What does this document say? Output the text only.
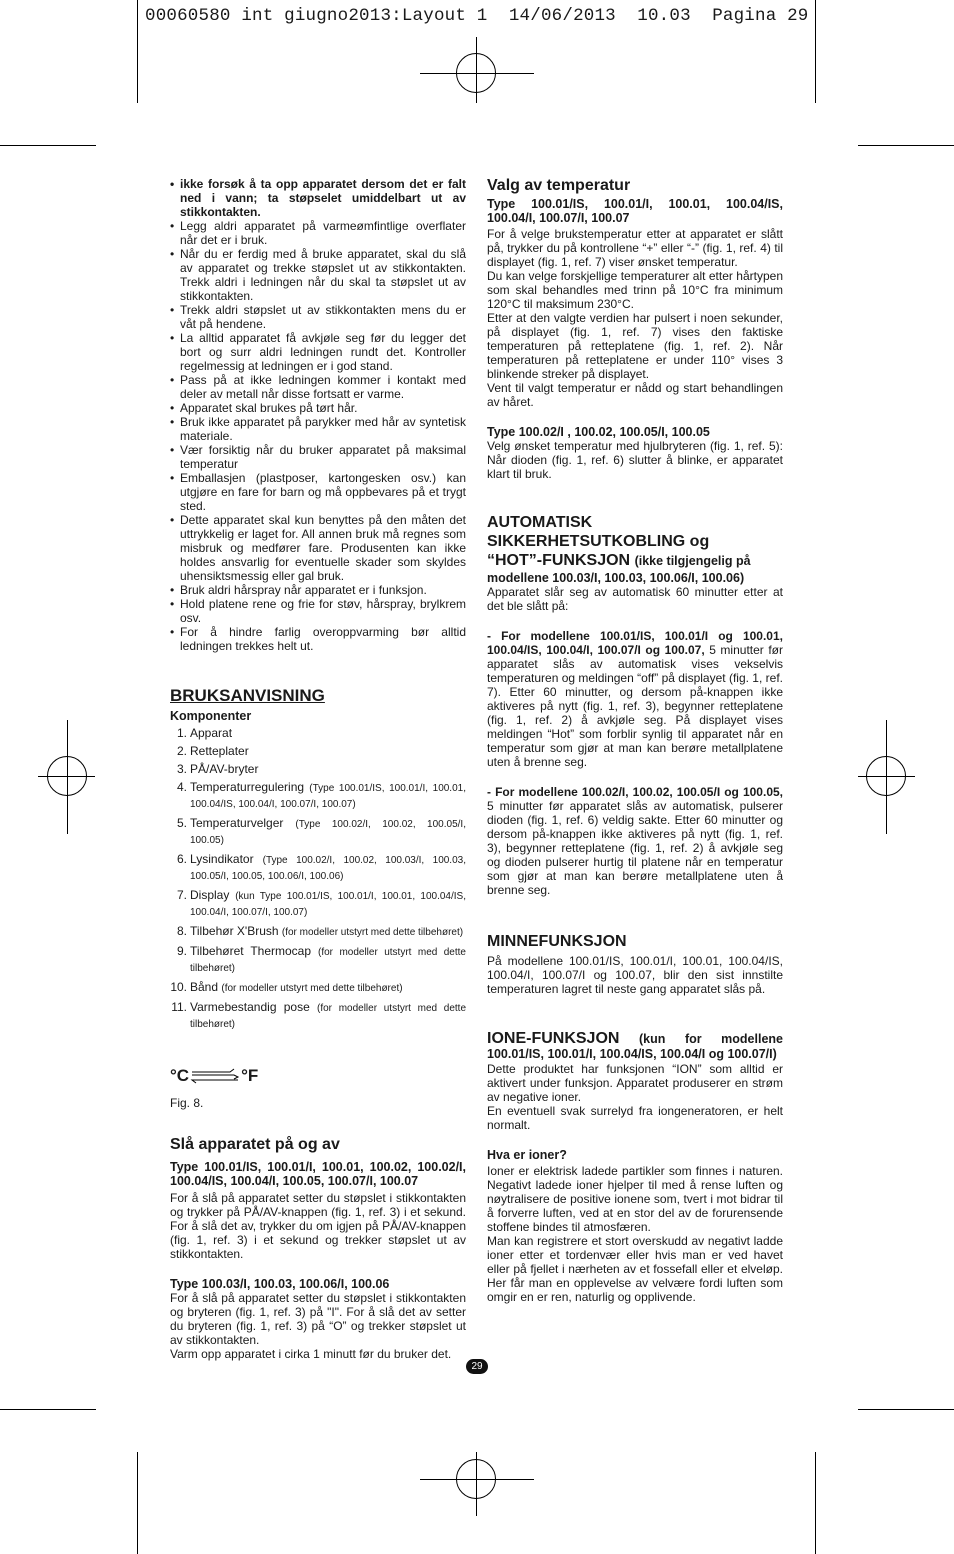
00060580 int giugno2013:Layout 1  14/06/2013  10.03  Pagina 29
• ikke forsøk å ta opp apparatet dersom det er falt ned i vann; ta støpselet umiddelbart ut av stikkontakten.
• Legg aldri apparatet på varmeømfintlige overflater når det er i bruk.
• Når du er ferdig med å bruke apparatet, skal du slå av apparatet og trekke støpslet ut av stikkontakten. Trekk aldri i ledningen når du skal ta støpslet ut av stikkontakten.
• Trekk aldri støpslet ut av stikkontakten mens du er våt på hendene.
• La alltid apparatet få avkjøle seg før du legger det bort og surr aldri ledningen rundt det. Kontroller regelmessig at ledningen er i god stand.
• Pass på at ikke ledningen kommer i kontakt med deler av metall når disse fortsatt er varme.
• Apparatet skal brukes på tørt hår.
• Bruk ikke apparatet på parykker med hår av syntetisk materiale.
• Vær forsiktig når du bruker apparatet på maksimal temperatur
• Emballasjen (plastposer, kartongesken osv.) kan utgjøre en fare for barn og må oppbevares på et trygt sted.
• Dette apparatet skal kun benyttes på den måten det uttrykkelig er laget for. All annen bruk må regnes som misbruk og medfører fare. Produsenten kan ikke holdes ansvarlig for eventuelle skader som skyldes uhensiktsmessig eller gal bruk.
• Bruk aldri hårspray når apparatet er i funksjon.
• Hold platene rene og frie for støv, hårspray, brylkrem osv.
• For å hindre farlig overoppvarming bør alltid ledningen trekkes helt ut.
BRUKSANVISNING
Komponenter
1. Apparat
2. Retteplater
3. PÅ/AV-bryter
4. Temperaturregulering (Type 100.01/IS, 100.01/I, 100.01, 100.04/IS, 100.04/I, 100.07/I, 100.07)
5. Temperaturvelger (Type 100.02/I, 100.02, 100.05/I, 100.05)
6. Lysindikator (Type 100.02/I, 100.02, 100.03/I, 100.03, 100.05/I, 100.05, 100.06/I, 100.06)
7. Display (kun Type 100.01/IS, 100.01/I, 100.01, 100.04/IS, 100.04/I, 100.07/I, 100.07)
8. Tilbehør X'Brush (for modeller utstyrt med dette tilbehøret)
9. Tilbehøret Thermocap (for modeller utstyrt med dette tilbehøret)
10. Bånd (for modeller utstyrt med dette tilbehøret)
11. Varmebestandig pose (for modeller utstyrt med dette tilbehøret)
°C	°F
Fig. 8.
Slå apparatet på og av

Type 100.01/IS, 100.01/I, 100.01, 100.02, 100.02/I, 100.04/IS, 100.04/I, 100.05, 100.07/I, 100.07

For å slå på apparatet setter du støpslet i stikkontakten og trykker på PÅ/AV-knappen (fig. 1, ref. 3) i et sekund. For å slå det av, trykker du om igjen på PÅ/AV-knappen (fig. 1, ref. 3) i et sekund og trekker støpslet ut av stikkontakten.

Type 100.03/I, 100.03, 100.06/I, 100.06

For å slå på apparatet setter du støpslet i stikkontakten og bryteren (fig. 1, ref. 3) på "I". For å slå det av setter du bryteren (fig. 1, ref. 3) på “O” og trekker støpslet ut av stikkontakten.

Varm opp apparatet i cirka 1 minutt før du bruker det.

Valg av temperatur

Type 100.01/IS, 100.01/I, 100.01, 100.04/IS, 100.04/I, 100.07/I, 100.07

For å velge brukstemperatur etter at apparatet er slått på, trykker du på kontrollene “+” eller “-” (fig. 1, ref. 4) til displayet (fig. 1, ref. 7) viser ønsket temperatur.

Du kan velge forskjellige temperaturer alt etter hårtypen som skal behandles med trinn på 10°C fra minimum 120°C til maksimum 230°C.

Etter at den valgte verdien har pulsert i noen sekunder, på displayet (fig. 1, ref. 7) vises den faktiske temperaturen på retteplatene (fig. 1, ref. 2). Når temperaturen på retteplatene er under 110° vises 3 blinkende streker på displayet.

Vent til valgt temperatur er nådd og start behandlingen av håret.

Type 100.02/I , 100.02, 100.05/I, 100.05

Velg ønsket temperatur med hjulbryteren (fig. 1, ref. 5): Når dioden (fig. 1, ref. 6) slutter å blinke, er apparatet klart til bruk.

AUTOMATISK
SIKKERHETSUTKOBLING og
“HOT”-FUNKSJON (ikke tilgjengelig på

modellene 100.03/I, 100.03, 100.06/I, 100.06)

Apparatet slår seg av automatisk 60 minutter etter at det ble slått på:

- For modellene 100.01/IS, 100.01/I og 100.01, 100.04/IS, 100.04/I, 100.07/I og 100.07, 5 minutter før apparatet slås av automatisk vises vekselvis temperaturen og meldingen “off” på displayet (fig. 1, ref. 7). Etter 60 minutter, og dersom på-knappen ikke aktiveres på nytt (fig. 1, ref. 3), begynner retteplatene (fig. 1, ref. 2) å avkjøle seg. På displayet vises meldingen “Hot” som forblir synlig til apparatet når en temperatur som gjør at man kan berøre metallplatene uten å brenne seg.

- For modellene 100.02/I, 100.02, 100.05/I og 100.05, 5 minutter før apparatet slås av automatisk, pulserer dioden (fig. 1, ref. 6) veldig sakte. Etter 60 minutter og dersom på-knappen ikke aktiveres på nytt (fig. 1, ref. 3), begynner retteplatene (fig. 1, ref. 2) å avkjøle seg og dioden pulserer hurtig til platene når en temperatur som gjør at man kan berøre metallplatene uten å brenne seg.

MINNEFUNKSJON

På modellene 100.01/IS, 100.01/I, 100.01, 100.04/IS, 100.04/I, 100.07/I og 100.07, blir den sist innstilte temperaturen lagret til neste gang apparatet slås på.

IONE-FUNKSJON (kun for modellene 100.01/IS, 100.01/I, 100.04/IS, 100.04/I og 100.07/I)

Dette produktet har funksjonen “ION” som alltid er aktivert under funksjon. Apparatet produserer en strøm av negative ioner.

En eventuell svak surrelyd fra iongeneratoren, er helt normalt.

Hva er ioner?

Ioner er elektrisk ladede partikler som finnes i naturen. Negativt ladede ioner hjelper til med å rense luften og nøytralisere de positive ionene som, tvert i mot bidrar til å forverre luften, ved at en stor del av de forurensende stoffene bindes til atmosfæren.

Man kan registrere et stort overskudd av negativt ladde ioner etter et tordenvær eller hvis man er ved havet eller på fjellet i nærheten av et fossefall eller et elveløp. Her får man en opplevelse av velvære fordi luften som omgir en er ren, naturlig og opplivende.

29
